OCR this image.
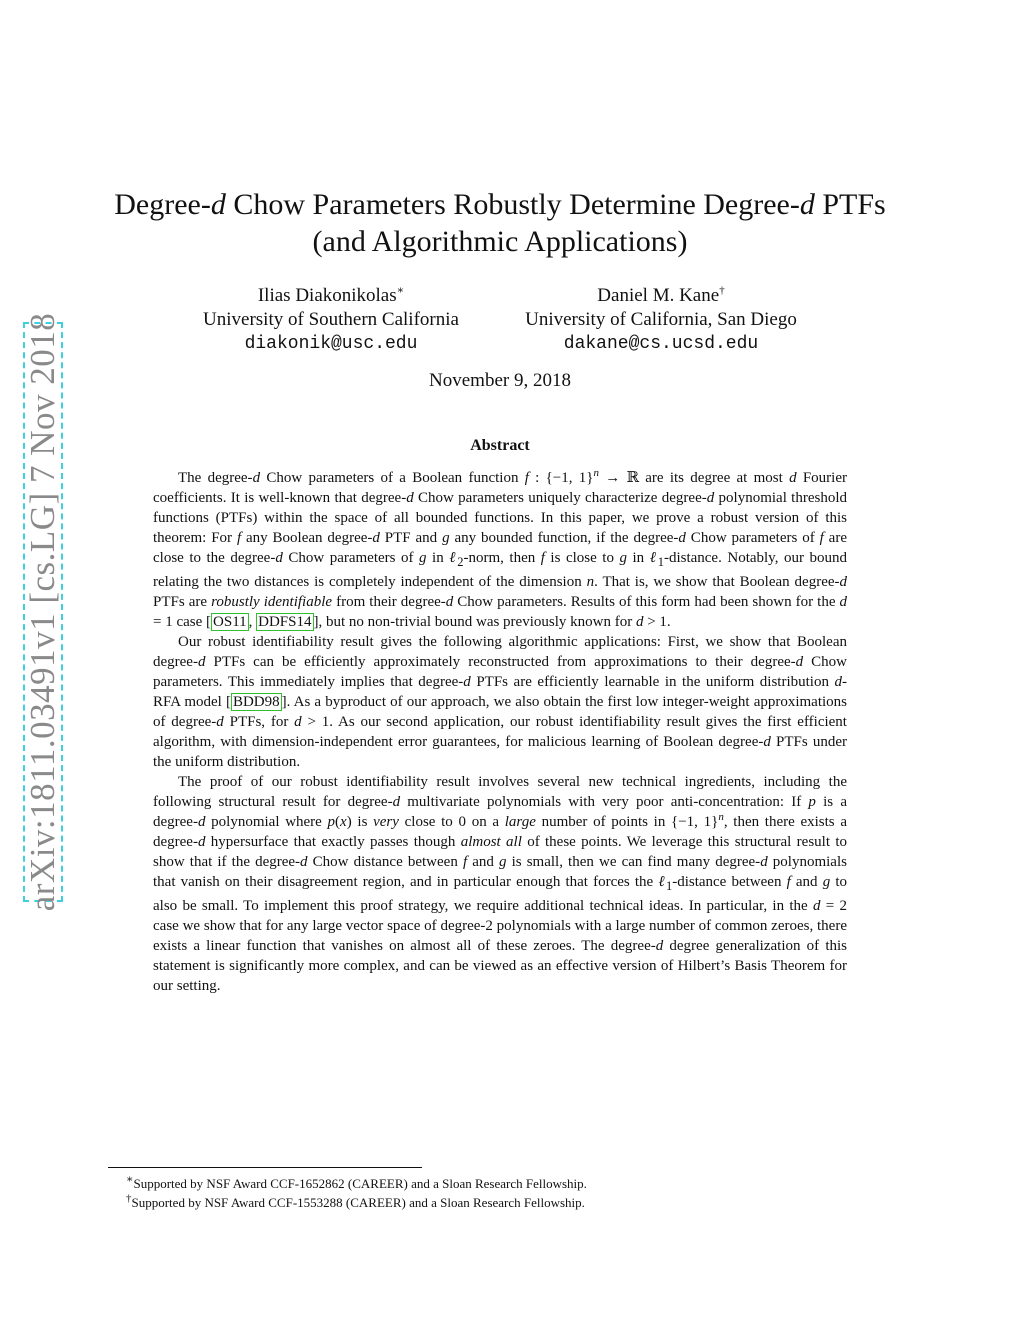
arXiv:1811.03491v1 [cs.LG] 7 Nov 2018
Degree-d Chow Parameters Robustly Determine Degree-d PTFs
(and Algorithmic Applications)
Ilias Diakonikolas∗
University of Southern California
diakonik@usc.edu
Daniel M. Kane†
University of California, San Diego
dakane@cs.ucsd.edu
November 9, 2018
Abstract

The degree-d Chow parameters of a Boolean function f : {−1, 1}$^n$ → ℝ are its degree at most d Fourier coefficients. It is well-known that degree-d Chow parameters uniquely characterize degree-d polynomial threshold functions (PTFs) within the space of all bounded functions. In this paper, we prove a robust version of this theorem: For f any Boolean degree-d PTF and g any bounded function, if the degree-d Chow parameters of f are close to the degree-d Chow parameters of g in ℓ$_2$-norm, then f is close to g in ℓ$_1$-distance. Notably, our bound relating the two distances is completely independent of the dimension n. That is, we show that Boolean degree-d PTFs are robustly identifiable from their degree-d Chow parameters. Results of this form had been shown for the d = 1 case [ OS11 , DDFS14 ], but no non-trivial bound was previously known for d > 1.

Our robust identifiability result gives the following algorithmic applications: First, we show that Boolean degree-d PTFs can be efficiently approximately reconstructed from approximations to their degree-d Chow parameters. This immediately implies that degree-d PTFs are efficiently learnable in the uniform distribution d-RFA model [ BDD98 ]. As a byproduct of our approach, we also obtain the first low integer-weight approximations of degree-d PTFs, for d > 1. As our second application, our robust identifiability result gives the first efficient algorithm, with dimension-independent error guarantees, for malicious learning of Boolean degree-d PTFs under the uniform distribution.

The proof of our robust identifiability result involves several new technical ingredients, including the following structural result for degree-d multivariate polynomials with very poor anti-concentration: If p is a degree-d polynomial where p(x) is very close to 0 on a large number of points in {−1, 1}$^n$, then there exists a degree-d hypersurface that exactly passes though almost all of these points. We leverage this structural result to show that if the degree-d Chow distance between f and g is small, then we can find many degree-d polynomials that vanish on their disagreement region, and in particular enough that forces the ℓ$_1$-distance between f and g to also be small. To implement this proof strategy, we require additional technical ideas. In particular, in the d = 2 case we show that for any large vector space of degree-2 polynomials with a large number of common zeroes, there exists a linear function that vanishes on almost all of these zeroes. The degree-d degree generalization of this statement is significantly more complex, and can be viewed as an effective version of Hilbert’s Basis Theorem for our setting.

∗Supported by NSF Award CCF-1652862 (CAREER) and a Sloan Research Fellowship.
†Supported by NSF Award CCF-1553288 (CAREER) and a Sloan Research Fellowship.
